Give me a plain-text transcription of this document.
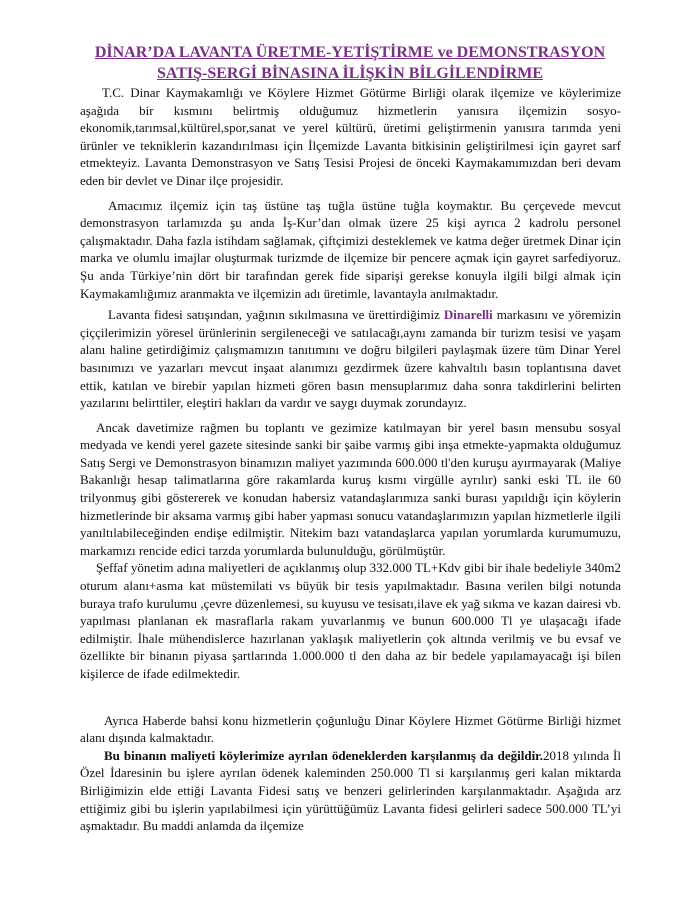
DİNAR’DA LAVANTA ÜRETME-YETİŞTİRME ve DEMONSTRASYON
SATIŞ-SERGİ BİNASINA İLİŞKİN BİLGİLENDİRME

T.C. Dinar Kaymakamlığı ve Köylere Hizmet Götürme Birliği olarak ilçemize ve köylerimize aşağıda bir kısmını belirtmiş olduğumuz hizmetlerin yanısıra ilçemizin sosyo-ekonomik,tarımsal,kültürel,spor,sanat ve yerel kültürü, üretimi geliştirmenin yanısıra tarımda yeni ürünler ve tekniklerin kazandırılması için İlçemizde Lavanta bitkisinin geliştirilmesi için gayret sarf etmekteyiz. Lavanta Demonstrasyon ve Satış Tesisi Projesi de önceki Kaymakamımızdan beri devam eden bir devlet ve Dinar ilçe projesidir.

Amacımız ilçemiz için taş üstüne taş tuğla üstüne tuğla koymaktır. Bu çerçevede mevcut demonstrasyon tarlamızda şu anda İş-Kur’dan olmak üzere 25 kişi ayrıca 2 kadrolu personel çalışmaktadır. Daha fazla istihdam sağlamak, çiftçimizi desteklemek ve katma değer üretmek Dinar için marka ve olumlu imajlar oluşturmak turizmde de ilçemize bir pencere açmak için gayret sarfediyoruz. Şu anda Türkiye’nin dört bir tarafından gerek fide siparişi gerekse konuyla ilgili bilgi almak için Kaymakamlığımız aranmakta ve ilçemizin adı üretimle, lavantayla anılmaktadır.

Lavanta fidesi satışından, yağının sıkılmasına ve ürettirdiğimiz Dinarelli markasını ve yöremizin çiççilerimizin yöresel ürünlerinin sergileneceği ve satılacağı,aynı zamanda bir turizm tesisi ve yaşam alanı haline getirdiğimiz çalışmamızın tanıtımını ve doğru bilgileri paylaşmak üzere tüm Dinar Yerel basınımızı ve yazarları mevcut inşaat alanımızı gezdirmek üzere kahvaltılı basın toplantısına davet ettik, katılan ve birebir yapılan hizmeti gören basın mensuplarımız daha sonra takdirlerini belirten yazılarını belirttiler, eleştiri hakları da vardır ve saygı duymak zorundayız.

Ancak davetimize rağmen bu toplantı ve gezimize katılmayan bir yerel basın mensubu sosyal medyada ve kendi yerel gazete sitesinde sanki bir şaibe varmış gibi inşa etmekte-yapmakta olduğumuz Satış Sergi ve Demonstrasyon binamızın maliyet yazımında 600.000 tl'den kuruşu ayırmayarak (Maliye Bakanlığı hesap talimatlarına göre rakamlarda kuruş kısmı virgülle ayrılır) sanki eski TL ile 60 trilyonmuş gibi göstererek ve konudan habersiz vatandaşlarımıza sanki burası yapıldığı için köylerin hizmetlerinde bir aksama varmış gibi haber yapması sonucu vatandaşlarımızın yapılan hizmetlerle ilgili yanıltılabileceğinden endişe edilmiştir. Nitekim bazı vatandaşlarca yapılan yorumlarda kurumumuzu, markamızı rencide edici tarzda yorumlarda bulunulduğu, görülmüştür.

Şeffaf yönetim adına maliyetleri de açıklanmış olup 332.000 TL+Kdv gibi bir ihale bedeliyle 340m2 oturum alanı+asma kat müstemilati vs büyük bir tesis yapılmaktadır. Basına verilen bilgi notunda buraya trafo kurulumu ,çevre düzenlemesi, su kuyusu ve tesisatı,ilave ek yağ sıkma ve kazan dairesi vb. yapılması planlanan ek masraflarla rakam yuvarlanmış ve bunun 600.000 Tl ye ulaşacağı ifade edilmiştir. İhale mühendislerce hazırlanan yaklaşık maliyetlerin çok altında verilmiş ve bu evsaf ve özellikte bir binanın piyasa şartlarında 1.000.000 tl den daha az bir bedele yapılamayacağı işi bilen kişilerce de ifade edilmektedir.

Ayrıca Haberde bahsi konu hizmetlerin çoğunluğu Dinar Köylere Hizmet Götürme Birliği hizmet alanı dışında kalmaktadır.

Bu binanın maliyeti köylerimize ayrılan ödeneklerden karşılanmış da değildir.2018 yılında İl Özel İdaresinin bu işlere ayrılan ödenek kaleminden 250.000 Tl si karşılanmış geri kalan miktarda Birliğimizin elde ettiği Lavanta Fidesi satış ve benzeri gelirlerinden karşılanmaktadır. Aşağıda arz ettiğimiz gibi bu işlerin yapılabilmesi için yürüttüğümüz Lavanta fidesi gelirleri sadece 500.000 TL’yi aşmaktadır. Bu maddi anlamda da ilçemize
